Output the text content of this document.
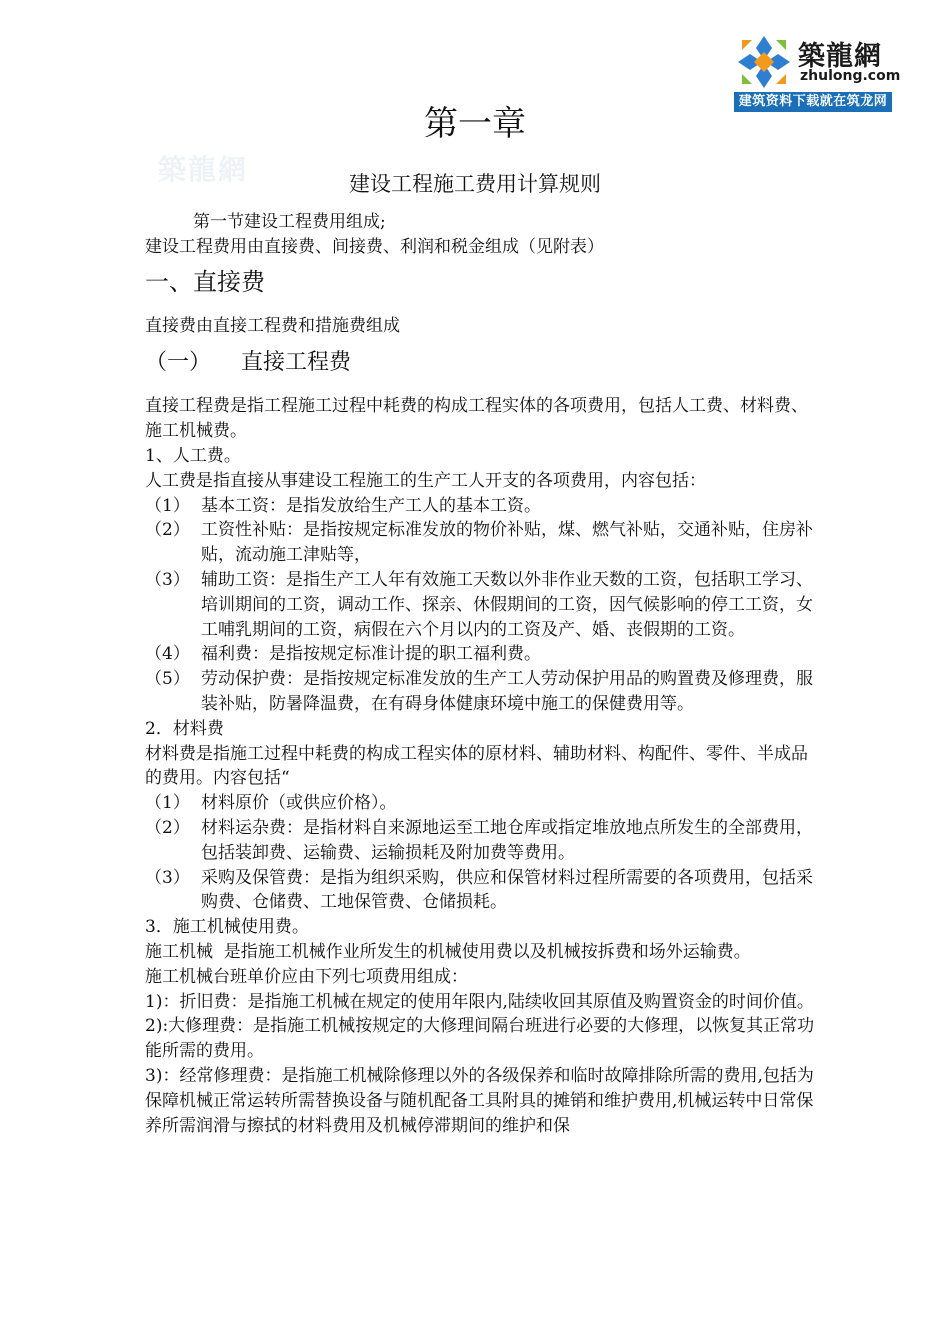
築龍網
zhulong.com
建筑资料下载就在筑龙网
築龍網
第一章
建设工程施工费用计算规则

第一节建设工程费用组成;

建设工程费用由直接费、间接费、利润和税金组成（见附表）

一、直接费

直接费由直接工程费和措施费组成

（一） 直接工程费

直接工程费是指工程施工过程中耗费的构成工程实体的各项费用，包括人工费、材料费、施工机械费。

1、人工费。

人工费是指直接从事建设工程施工的生产工人开支的各项费用，内容包括：

（1） 基本工资：是指发放给生产工人的基本工资。

（2） 工资性补贴：是指按规定标准发放的物价补贴，煤、燃气补贴，交通补贴，住房补贴，流动施工津贴等，

（3） 辅助工资：是指生产工人年有效施工天数以外非作业天数的工资，包括职工学习、培训期间的工资，调动工作、探亲、休假期间的工资，因气候影响的停工工资，女工哺乳期间的工资，病假在六个月以内的工资及产、婚、丧假期的工资。

（4） 福利费：是指按规定标准计提的职工福利费。

（5） 劳动保护费：是指按规定标准发放的生产工人劳动保护用品的购置费及修理费，服装补贴，防暑降温费，在有碍身体健康环境中施工的保健费用等。

2．材料费

材料费是指施工过程中耗费的构成工程实体的原材料、辅助材料、构配件、零件、半成品的费用。内容包括“

（1） 材料原价（或供应价格）。

（2） 材料运杂费：是指材料自来源地运至工地仓库或指定堆放地点所发生的全部费用，包括装卸费、运输费、运输损耗及附加费等费用。

（3） 采购及保管费：是指为组织采购，供应和保管材料过程所需要的各项费用，包括采购费、仓储费、工地保管费、仓储损耗。

3．施工机械使用费。

施工机械  是指施工机械作业所发生的机械使用费以及机械按拆费和场外运输费。

施工机械台班单价应由下列七项费用组成：

1)：折旧费：是指施工机械在规定的使用年限内,陆续收回其原值及购置资金的时间价值。

2):大修理费：是指施工机械按规定的大修理间隔台班进行必要的大修理，以恢复其正常功能所需的费用。

3)：经常修理费：是指施工机械除修理以外的各级保养和临时故障排除所需的费用,包括为保障机械正常运转所需替换设备与随机配备工具附具的摊销和维护费用,机械运转中日常保养所需润滑与擦拭的材料费用及机械停滞期间的维护和保
